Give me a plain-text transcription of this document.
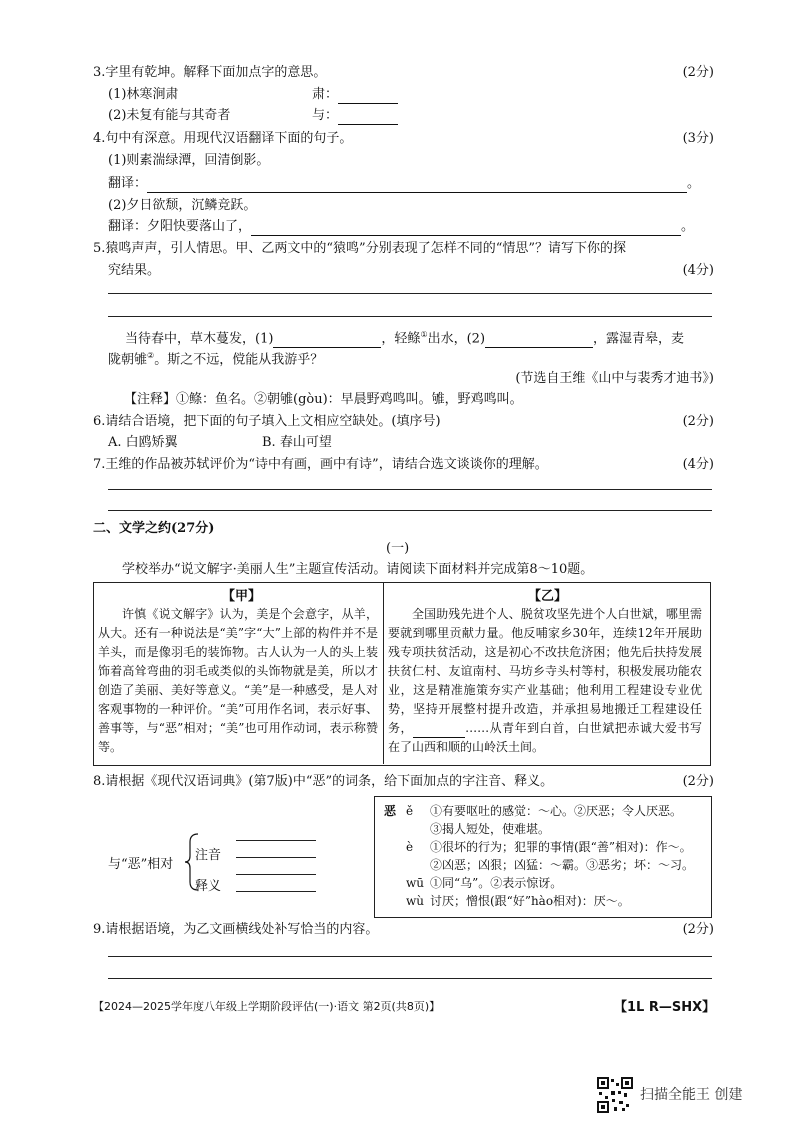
3.字里有乾坤。解释下面加点字的意思。	(2分)
(1)林寒涧肃	肃：
(2)未复有能与其奇者	与：
4.句中有深意。用现代汉语翻译下面的句子。	(3分)
(1)则素湍绿潭，回清倒影。
翻译：	。
(2)夕日欲颓，沉鳞竞跃。
翻译：夕阳快要落山了，	。
5.猿鸣声声，引人情思。甲、乙两文中的“猿鸣”分别表现了怎样不同的“情思”？请写下你的探
究结果。	(4分)
当待春中，草木蔓发，(1)	，轻鲦①出水，(2)	，露湿青皋，麦
陇朝雊②。斯之不远，傥能从我游乎？
(节选自王维《山中与裴秀才迪书》)
【注释】①鲦：鱼名。②朝雊(gòu)：早晨野鸡鸣叫。雊，野鸡鸣叫。
6.请结合语境，把下面的句子填入上文相应空缺处。(填序号)	(2分)
A. 白鸥矫翼	B. 春山可望
7.王维的作品被苏轼评价为“诗中有画，画中有诗”，请结合选文谈谈你的理解。	(4分)
二、文学之约(27分)
(一)
学校举办“说文解字·美丽人生”主题宣传活动。请阅读下面材料并完成第8～10题。
【甲】	【乙】
许慎《说文解字》认为，美是个会意字，从羊，从大。还有一种说法是“美”字“大”上部的构件并不是羊头，而是像羽毛的装饰物。古人认为一人的头上装饰着高耸弯曲的羽毛或类似的头饰物就是美，所以才创造了美丽、美好等意义。“美”是一种感受，是人对客观事物的一种评价。“美”可用作名词，表示好事、善事等，与“恶”相对；“美”也可用作动词，表示称赞等。
全国助残先进个人、脱贫攻坚先进个人白世斌，哪里需要就到哪里贡献力量。他反哺家乡30年，连续12年开展助残专项扶贫活动，这是初心不改扶危济困；他先后扶持发展扶贫仁村、友谊南村、马坊乡寺头村等村，积极发展功能农业，这是精准施策夯实产业基础；他利用工程建设专业优势，坚持开展整村提升改造，并承担易地搬迁工程建设任务，	……从青年到白首，白世斌把赤诚大爱书写在了山西和顺的山岭沃土间。
8.请根据《现代汉语词典》(第7版)中“恶”的词条，给下面加点的字注音、释义。	(2分)
与“恶”相对
注音
释义
恶 ě ①有要呕吐的感觉：～心。②厌恶；令人厌恶。
③揭人短处，使难堪。
è ①很坏的行为；犯罪的事情(跟“善”相对)：作～。
②凶恶；凶狠；凶猛：～霸。③恶劣；坏：～习。
wū ①同“乌”。②表示惊讶。
wù 讨厌；憎恨(跟“好”hào相对)：厌～。
9.请根据语境，为乙文画横线处补写恰当的内容。	(2分)
【2024—2025学年度八年级上学期阶段评估(一)·语文 第2页(共8页)】	【1L R—SHX】
扫描全能王 创建
